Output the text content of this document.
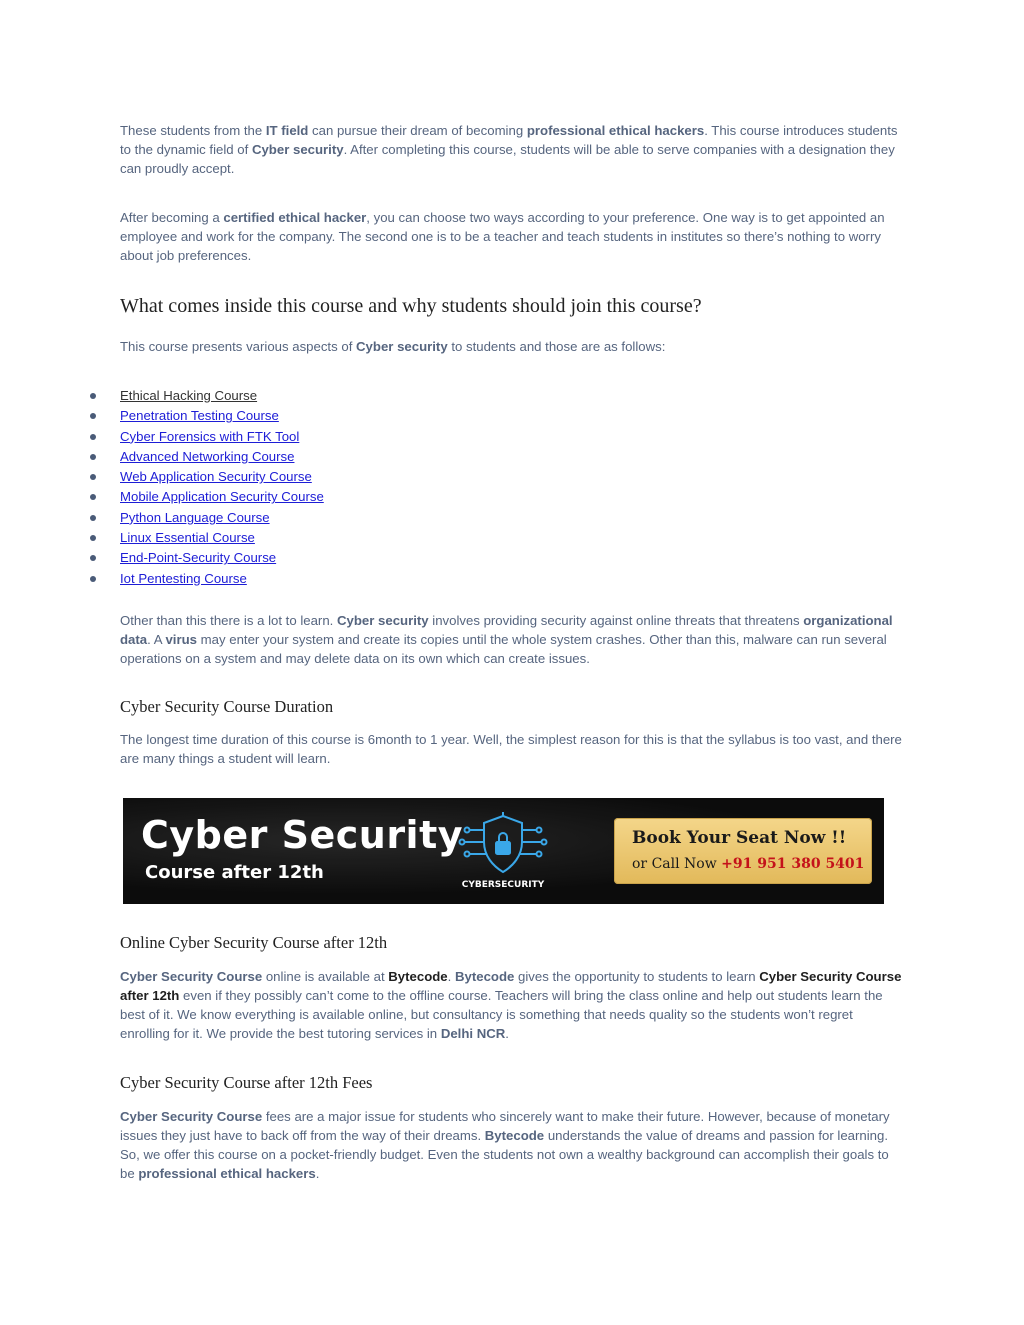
These students from the IT field can pursue their dream of becoming professional ethical hackers. This course introduces students to the dynamic field of Cyber security. After completing this course, students will be able to serve companies with a designation they can proudly accept.

After becoming a certified ethical hacker, you can choose two ways according to your preference. One way is to get appointed an employee and work for the company. The second one is to be a teacher and teach students in institutes so there’s nothing to worry about job preferences.

What comes inside this course and why students should join this course?

This course presents various aspects of Cyber security to students and those are as follows:

Ethical Hacking Course
Penetration Testing Course
Cyber Forensics with FTK Tool
Advanced Networking Course
Web Application Security Course
Mobile Application Security Course
Python Language Course
Linux Essential Course
End-Point-Security Course
Iot Pentesting Course

Other than this there is a lot to learn. Cyber security involves providing security against online threats that threatens organizational data. A virus may enter your system and create its copies until the whole system crashes. Other than this, malware can run several operations on a system and may delete data on its own which can create issues.

Cyber Security Course Duration

The longest time duration of this course is 6month to 1 year. Well, the simplest reason for this is that the syllabus is too vast, and there are many things a student will learn.

Cyber Security
Course after 12th
CYBERSECURITY
Book Your Seat Now !!
or Call Now +91 951 380 5401
Online Cyber Security Course after 12th

Cyber Security Course online is available at Bytecode. Bytecode gives the opportunity to students to learn Cyber Security Course after 12th even if they possibly can’t come to the offline course. Teachers will bring the class online and help out students learn the best of it. We know everything is available online, but consultancy is something that needs quality so the students won’t regret enrolling for it. We provide the best tutoring services in Delhi NCR.

Cyber Security Course after 12th Fees

Cyber Security Course fees are a major issue for students who sincerely want to make their future. However, because of monetary issues they just have to back off from the way of their dreams. Bytecode understands the value of dreams and passion for learning. So, we offer this course on a pocket-friendly budget. Even the students not own a wealthy background can accomplish their goals to be professional ethical hackers.
